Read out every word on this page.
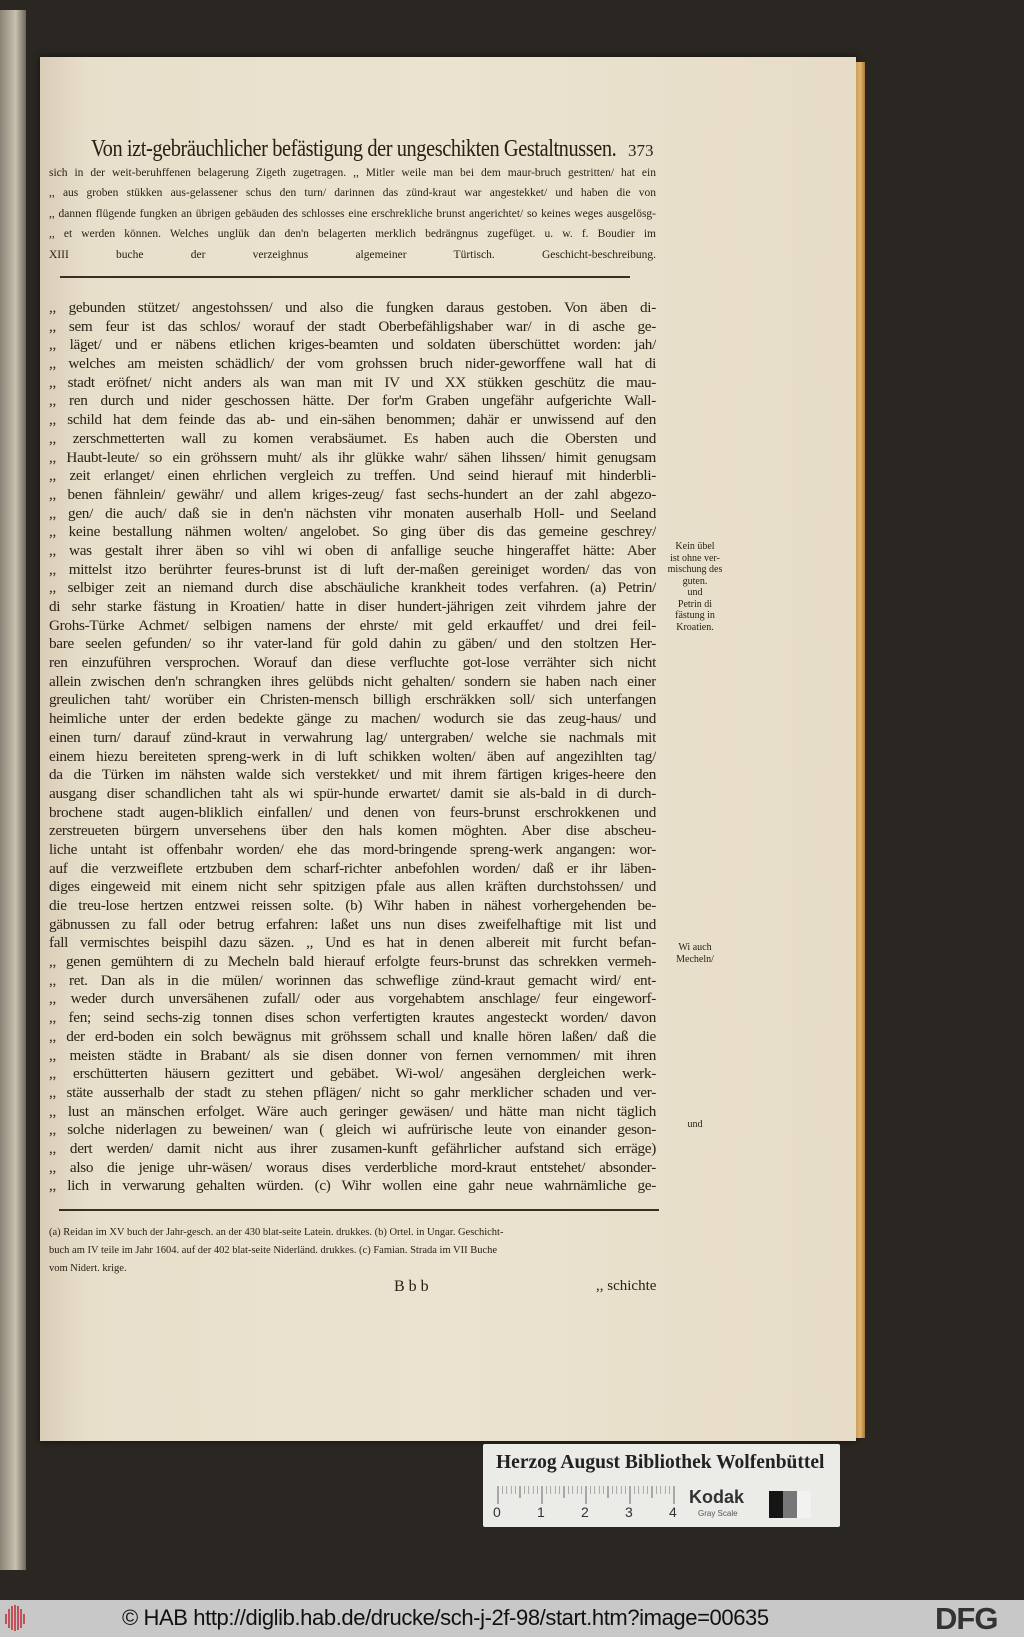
Von izt-gebräuchlicher befästigung der ungeschikten Gestaltnussen. 373
sich in der weit-beruhffenen belagerung Zigeth zugetragen. ,, Mitler weile man bei dem maur-bruch gestritten/ hat ein
,, aus groben stükken aus-gelassener schus den turn/ darinnen das zünd-kraut war angestekket/ und haben die von
,, dannen flügende fungken an übrigen gebäuden des schlosses eine erschrekliche brunst angerichtet/ so keines weges ausgelösg-
,, et werden können. Welches unglük dan den'n belagerten merklich bedrängnus zugefüget. u. w. f. Boudier im
XIII buche der verzeighnus algemeiner Türtisch. Geschicht-beschreibung.
,, gebunden stützet/ angestohssen/ und also die fungken daraus gestoben. Von äben di-
,, sem feur ist das schlos/ worauf der stadt Oberbefähligshaber war/ in di asche ge-
,, läget/ und er näbens etlichen kriges-beamten und soldaten überschüttet worden: jah/
,, welches am meisten schädlich/ der vom grohssen bruch nider-geworffene wall hat di
,, stadt eröfnet/ nicht anders als wan man mit IV und XX stükken geschütz die mau-
,, ren durch und nider geschossen hätte. Der for'm Graben ungefähr aufgerichte Wall-
,, schild hat dem feinde das ab- und ein-sähen benommen; dahär er unwissend auf den
,, zerschmetterten wall zu komen verabsäumet. Es haben auch die Obersten und
,, Haubt-leute/ so ein gröhssern muht/ als ihr glükke wahr/ sähen lihssen/ himit genugsam
,, zeit erlanget/ einen ehrlichen vergleich zu treffen. Und seind hierauf mit hinderbli-
,, benen fähnlein/ gewähr/ und allem kriges-zeug/ fast sechs-hundert an der zahl abgezo-
,, gen/ die auch/ daß sie in den'n nächsten vihr monaten auserhalb Holl- und Seeland
,, keine bestallung nähmen wolten/ angelobet. So ging über dis das gemeine geschrey/
,, was gestalt ihrer äben so vihl wi oben di anfallige seuche hingeraffet hätte: Aber
,, mittelst itzo berührter feures-brunst ist di luft der-maßen gereiniget worden/ das von
,, selbiger zeit an niemand durch dise abschäuliche krankheit todes verfahren. (a) Petrin/
di sehr starke fästung in Kroatien/ hatte in diser hundert-jährigen zeit vihrdem jahre der
Grohs-Türke Achmet/ selbigen namens der ehrste/ mit geld erkauffet/ und drei feil-
bare seelen gefunden/ so ihr vater-land für gold dahin zu gäben/ und den stoltzen Her-
ren einzuführen versprochen. Worauf dan diese verfluchte got-lose verrähter sich nicht
allein zwischen den'n schrangken ihres gelübds nicht gehalten/ sondern sie haben nach einer
greulichen taht/ worüber ein Christen-mensch billigh erschräkken soll/ sich unterfangen
heimliche unter der erden bedekte gänge zu machen/ wodurch sie das zeug-haus/ und
einen turn/ darauf zünd-kraut in verwahrung lag/ untergraben/ welche sie nachmals mit
einem hiezu bereiteten spreng-werk in di luft schikken wolten/ äben auf angezihlten tag/
da die Türken im nähsten walde sich verstekket/ und mit ihrem färtigen kriges-heere den
ausgang diser schandlichen taht als wi spür-hunde erwartet/ damit sie als-bald in di durch-
brochene stadt augen-bliklich einfallen/ und denen von feurs-brunst erschrokkenen und
zerstreueten bürgern unversehens über den hals komen möghten. Aber dise abscheu-
liche untaht ist offenbahr worden/ ehe das mord-bringende spreng-werk angangen: wor-
auf die verzweiflete ertzbuben dem scharf-richter anbefohlen worden/ daß er ihr läben-
diges eingeweid mit einem nicht sehr spitzigen pfale aus allen kräften durchstohssen/ und
die treu-lose hertzen entzwei reissen solte. (b) Wihr haben in nähest vorhergehenden be-
gäbnussen zu fall oder betrug erfahren: laßet uns nun dises zweifelhaftige mit list und
fall vermischtes beispihl dazu säzen. ,, Und es hat in denen albereit mit furcht befan-
,, genen gemühtern di zu Mecheln bald hierauf erfolgte feurs-brunst das schrekken vermeh-
,, ret. Dan als in die mülen/ worinnen das schweflige zünd-kraut gemacht wird/ ent-
,, weder durch unversähenen zufall/ oder aus vorgehabtem anschlage/ feur eingeworf-
,, fen; seind sechs-zig tonnen dises schon verfertigten krautes angesteckt worden/ davon
,, der erd-boden ein solch bewägnus mit gröhssem schall und knalle hören laßen/ daß die
,, meisten städte in Brabant/ als sie disen donner von fernen vernommen/ mit ihren
,, erschütterten häusern gezittert und gebäbet. Wi-wol/ angesähen dergleichen werk-
,, stäte ausserhalb der stadt zu stehen pflägen/ nicht so gahr merklicher schaden und ver-
,, lust an mänschen erfolget. Wäre auch geringer gewäsen/ und hätte man nicht täglich
,, solche niderlagen zu beweinen/ wan ( gleich wi aufrürische leute von einander geson-
,, dert werden/ damit nicht aus ihrer zusamen-kunft gefährlicher aufstand sich erräge)
,, also die jenige uhr-wäsen/ woraus dises verderbliche mord-kraut entstehet/ absonder-
,, lich in verwarung gehalten würden. (c) Wihr wollen eine gahr neue wahrnämliche ge-
Kein übel
ist ohne ver-
mischung des
guten.
und
Petrin di
fästung in
Kroatien.
Wi auch
Mecheln/
und
(a) Reidan im XV buch der Jahr-gesch. an der 430 blat-seite Latein. drukkes. (b) Ortel. in Ungar. Geschicht-
buch am IV teile im Jahr 1604. auf der 402 blat-seite Niderländ. drukkes. (c) Famian. Strada im VII Buche
vom Nidert. krige.
B b b	,, schichte
Herzog August Bibliothek Wolfenbüttel
0	1	2	3	4
Kodak
Gray Scale
© HAB http://diglib.hab.de/drucke/sch-j-2f-98/start.htm?image=00635	DFG
